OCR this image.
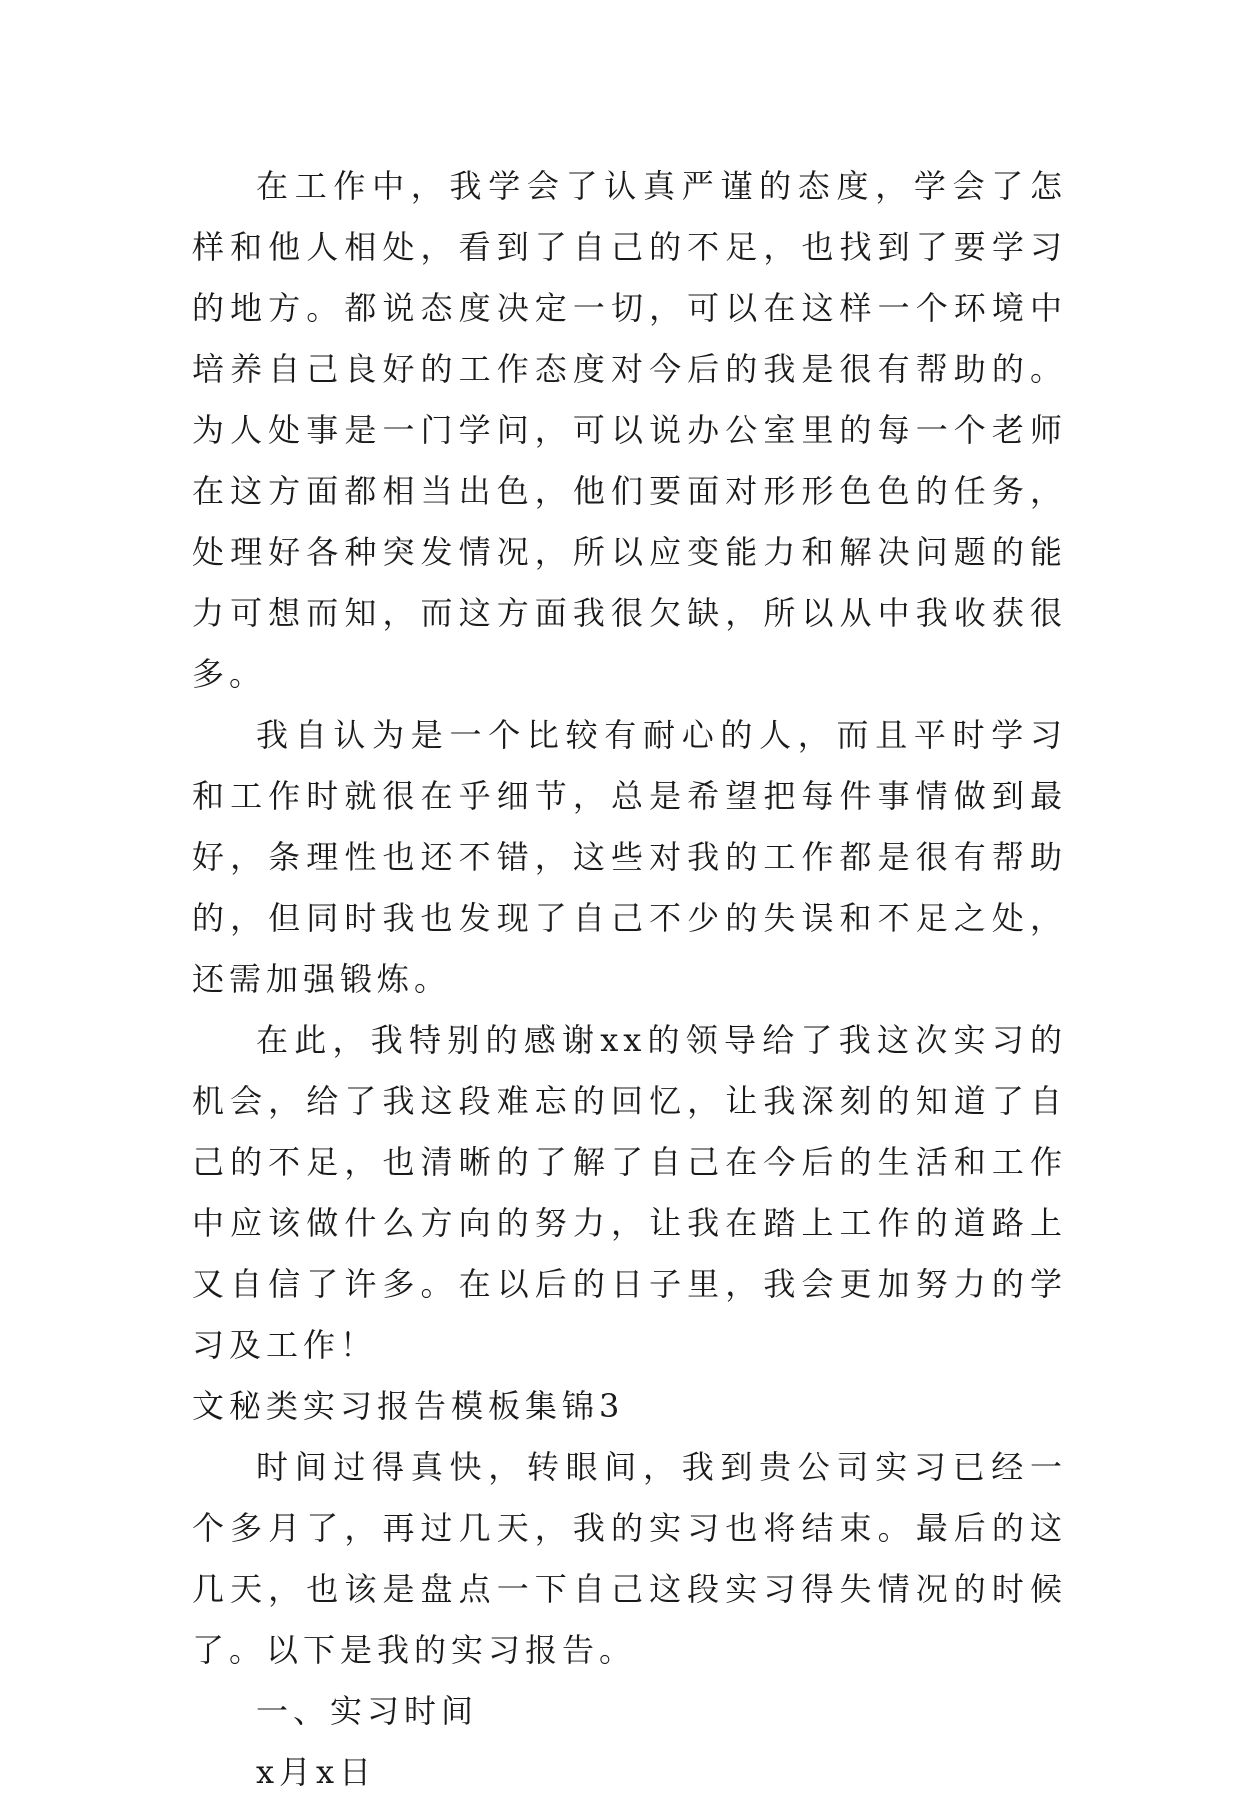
在工作中，我学会了认真严谨的态度，学会了怎样和他人相处，看到了自己的不足，也找到了要学习的地方。都说态度决定一切，可以在这样一个环境中培养自己良好的工作态度对今后的我是很有帮助的。为人处事是一门学问，可以说办公室里的每一个老师在这方面都相当出色，他们要面对形形色色的任务，处理好各种突发情况，所以应变能力和解决问题的能力可想而知，而这方面我很欠缺，所以从中我收获很多。

我自认为是一个比较有耐心的人，而且平时学习和工作时就很在乎细节，总是希望把每件事情做到最好，条理性也还不错，这些对我的工作都是很有帮助的，但同时我也发现了自己不少的失误和不足之处，还需加强锻炼。

在此，我特别的感谢xx的领导给了我这次实习的机会，给了我这段难忘的回忆，让我深刻的知道了自己的不足，也清晰的了解了自己在今后的生活和工作中应该做什么方向的努力，让我在踏上工作的道路上又自信了许多。在以后的日子里，我会更加努力的学习及工作！

文秘类实习报告模板集锦3

时间过得真快，转眼间，我到贵公司实习已经一个多月了，再过几天，我的实习也将结束。最后的这几天，也该是盘点一下自己这段实习得失情况的时候了。以下是我的实习报告。

一、实习时间

x月x日
